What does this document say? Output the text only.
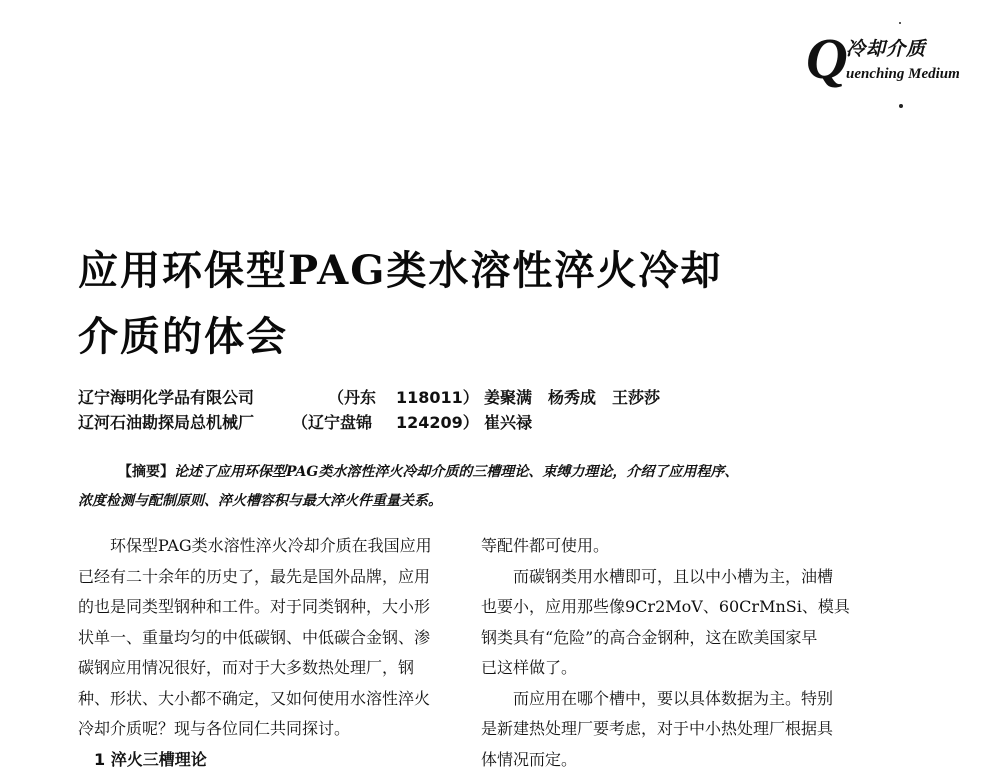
Q
冷却介质
uenching Medium
应用环保型PAG类水溶性淬火冷却
介质的体会
辽宁海明化学品有限公司	（丹东 118011） 姜聚满　杨秀成　王莎莎
辽河石油勘探局总机械厂 （辽宁盘锦 124209） 崔兴禄
【摘要】论述了应用环保型PAG类水溶性淬火冷却介质的三槽理论、束缚力理论，介绍了应用程序、
浓度检测与配制原则、淬火槽容积与最大淬火件重量关系。
　　环保型PAG类水溶性淬火冷却介质在我国应用
已经有二十余年的历史了，最先是国外品牌，应用
的也是同类型钢种和工件。对于同类钢种，大小形
状单一、重量均匀的中低碳钢、中低碳合金钢、渗
碳钢应用情况很好，而对于大多数热处理厂，钢
种、形状、大小都不确定，又如何使用水溶性淬火
冷却介质呢？现与各位同仁共同探讨。
　1 淬火三槽理论
等配件都可使用。
　　而碳钢类用水槽即可，且以中小槽为主，油槽
也要小，应用那些像9Cr2MoV、60CrMnSi、模具
钢类具有“危险”的高合金钢种，这在欧美国家早
已这样做了。
　　而应用在哪个槽中，要以具体数据为主。特别
是新建热处理厂要考虑，对于中小热处理厂根据具
体情况而定。
